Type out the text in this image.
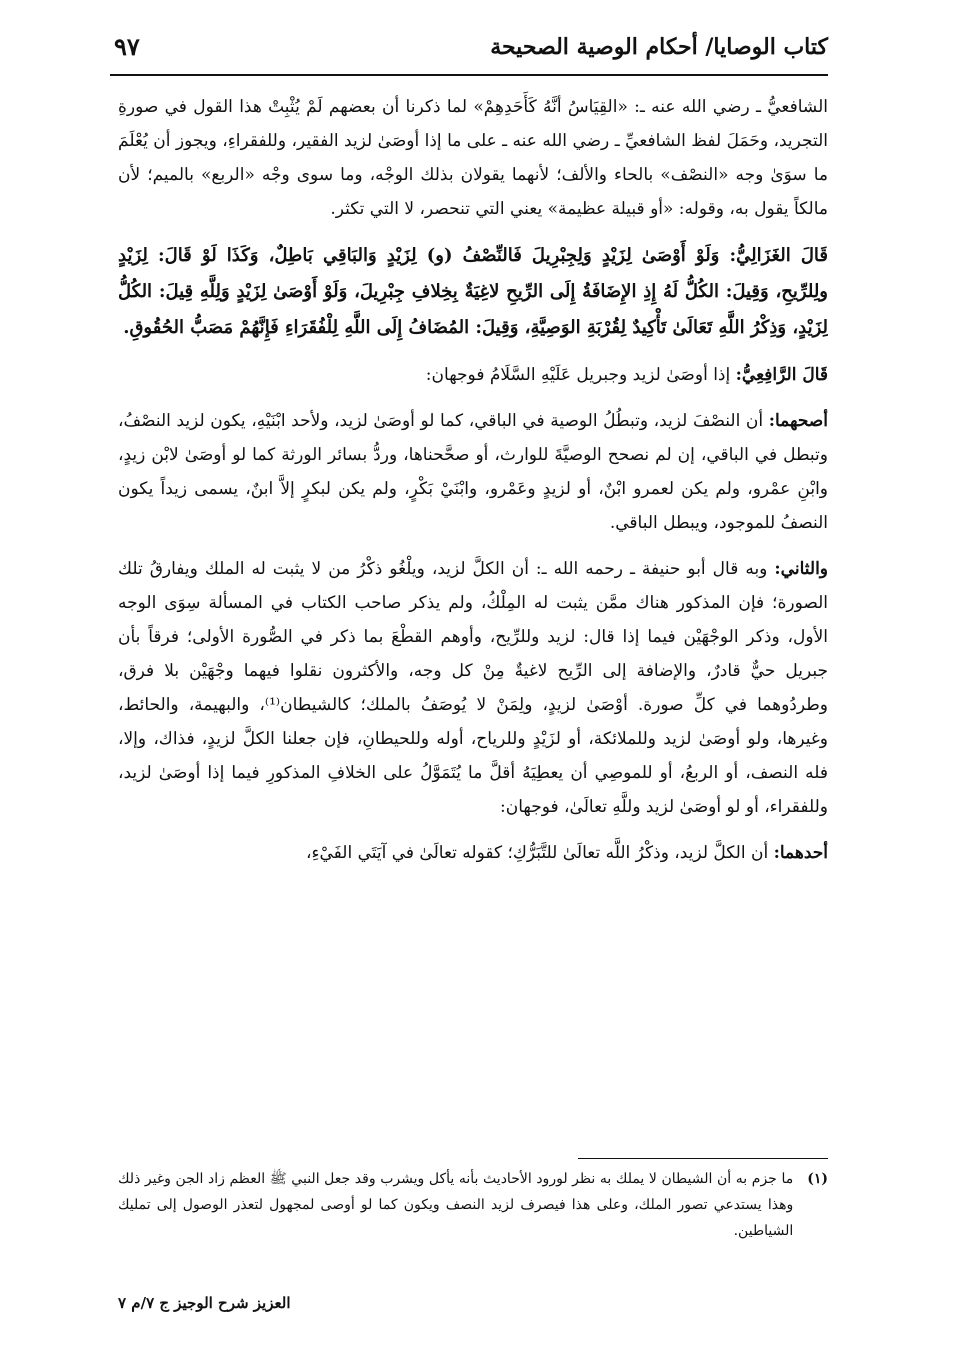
كتاب الوصايا/ أحكام الوصية الصحيحة
٩٧

الشافعيُّ ـ رضي الله عنه ـ: «القِيَاسُ أنَّهُ كَأَحَدِهِمْ» لما ذكرنا أن بعضهم لَمْ يُثْبِتْ هذا القول في صورةِ التجريد، وحَمَلَ لفظ الشافعيِّ ـ رضي الله عنه ـ على ما إذا أوصَىٰ لزيد الفقير، وللفقراءِ، ويجوز أن يُعْلَمَ ما سوَىٰ وجه «النصْف» بالحاء والألف؛ لأنهما يقولان بذلك الوجْه، وما سوى وجْه «الربع» بالميم؛ لأن مالكاً يقول به، وقوله: «أو قبيلة عظيمة» يعني التي تنحصر، لا التي تكثر.

قَالَ الغَزَالِيُّ: وَلَوْ أَوْصَىٰ لِزَيْدٍ وَلِجِبْرِيلَ فَالنِّصْفُ (و) لِزَيْدٍ وَالبَاقِي بَاطِلٌ، وَكَذَا لَوْ قَالَ: لِزَيْدٍ ولِلرِّيحِ، وَقِيلَ: الكُلُّ لَهُ إِذِ الإِضَافَةُ إِلَى الرِّيحِ لاغِيَةٌ بِخِلافِ جِبْرِيلَ، وَلَوْ أَوْصَىٰ لِزَيْدٍ وَلِلَّهِ قِيلَ: الكُلُّ لِزَيْدٍ، وَذِكْرُ اللَّهِ تَعَالَىٰ تَأْكِيدٌ لِقُرْبَةِ الوَصِيَّةِ، وَقِيلَ: المُضَافُ إِلَى اللَّهِ لِلْفُقَرَاءِ فَإِنَّهُمْ مَصَبُّ الحُقُوقِ.

قَالَ الرَّافِعِيُّ: إذا أوصَىٰ لزيد وجبريل عَلَيْهِ السَّلَامُ فوجهان:

أصحهما: أن النصْفَ لزيد، وتبطُلُ الوصية في الباقي، كما لو أوصَىٰ لزيد، ولأحد ابْنَيْهِ، يكون لزيد النصْفُ، وتبطل في الباقي، إن لم نصحح الوصيَّةَ للوارث، أو صحَّحناها، وردُّ بسائر الورثة كما لو أوصَىٰ لابْن زيدٍ، وابْنِ عمْرو، ولم يكن لعمرو ابْنٌ، أو لزيدٍ وعَمْرو، وابْنَيْ بَكْرٍ، ولم يكن لبكرٍ إلاَّ ابنٌ، يسمى زيداً يكون النصفُ للموجود، ويبطل الباقي.

والثاني: وبه قال أبو حنيفة ـ رحمه الله ـ: أن الكلَّ لزيد، ويلْغُو ذكْرُ من لا يثبت له الملك ويفارقُ تلك الصورة؛ فإن المذكور هناك ممَّن يثبت له المِلْكُ، ولم يذكر صاحب الكتاب في المسألة سِوَى الوجه الأول، وذكر الوجْهَيْن فيما إذا قال: لزيد وللرِّيح، وأوهم القطْعَ بما ذكر في الصُّورة الأولى؛ فرقاً بأن جبريل حيٌّ قادرٌ، والإضافة إلى الرِّيح لاغيةٌ مِنْ كل وجه، والأكثرون نقلوا فيهما وجْهَيْن بلا فرق، وطردُوهما في كلِّ صورة. أوْصَىٰ لزيدٍ، ولِمَنْ لا يُوصَفُ بالملك؛ كالشيطان⁽¹⁾، والبهيمة، والحائط، وغيرها، ولو أوصَىٰ لزيد وللملائكة، أو لزَيْدٍ وللرياح، أوله وللحيطانِ، فإن جعلنا الكلَّ لزيدٍ، فذاك، وإلا، فله النصف، أو الربعُ، أو للموصِي أن يعطِيَهُ أقلَّ ما يُتَمَوَّلُ على الخلافِ المذكورِ فيما إذا أوصَىٰ لزيد، وللفقراء، أو لو أوصَىٰ لزيد وللَّهِ تعالَىٰ، فوجهان:

أحدهما: أن الكلَّ لزيد، وذكْرُ اللَّه تعالَىٰ للتَّبَرُّكِ؛ كقوله تعالَىٰ في آيَتَي الفَيْءِ،

(١)
ما جزم به أن الشيطان لا يملك به نظر لورود الأحاديث بأنه يأكل ويشرب وقد جعل النبي ﷺ العظم زاد الجن وغير ذلك وهذا يستدعي تصور الملك، وعلى هذا فيصرف لزيد النصف ويكون كما لو أوصى لمجهول لتعذر الوصول إلى تمليك الشياطين.

العزيز شرح الوجيز ج ٧/م ٧
